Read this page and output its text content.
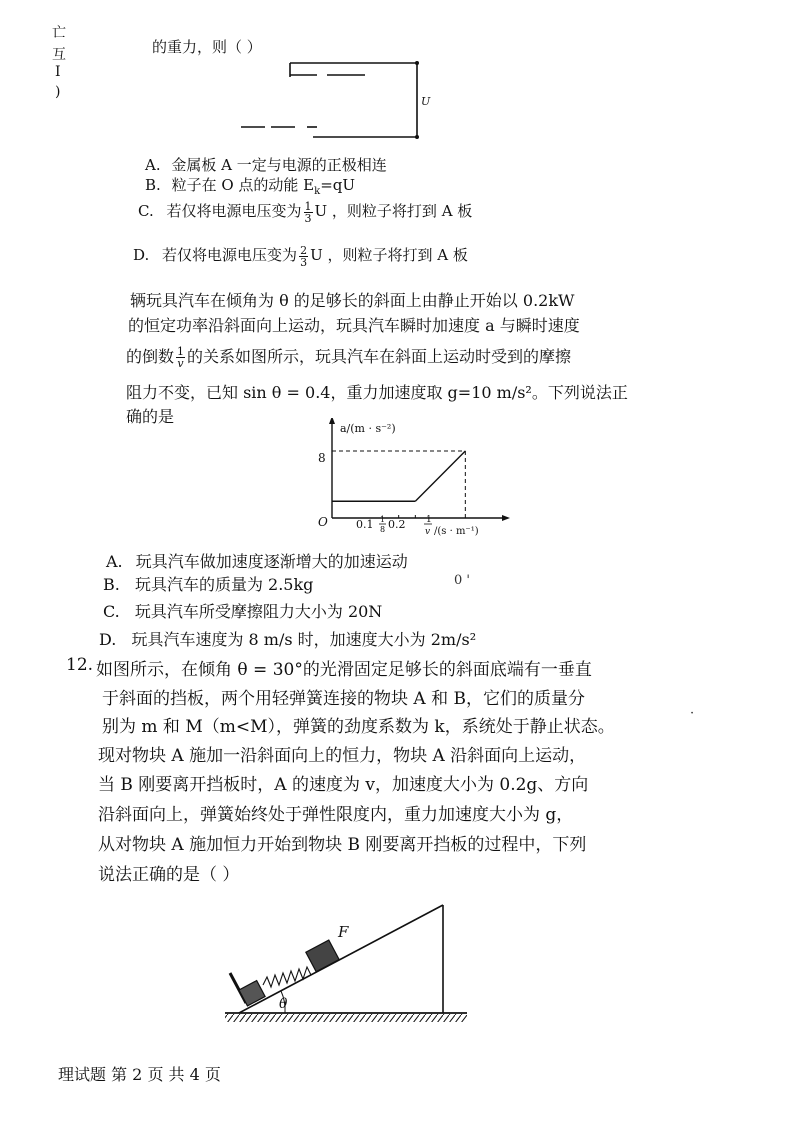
亡
互
I
)
的重力，则（ ）
U
A. 金属板 A 一定与电源的正极相连
B. 粒子在 O 点的动能 $E_k=qU$
C. 若仅将电源电压变为 $\frac{1}{3}$ U ，则粒子将打到 A 板
D. 若仅将电源电压变为 $\frac{2}{3}$ U ，则粒子将打到 A 板
辆玩具汽车在倾角为 θ 的足够长的斜面上由静止开始以 0.2kW
的恒定功率沿斜面向上运动，玩具汽车瞬时加速度 a 与瞬时速度
的倒数 $\frac{1}{v}$ 的关系如图所示，玩具汽车在斜面上运动时受到的摩擦
阻力不变，已知 sin θ = 0.4，重力加速度取 g=10 m/s²。下列说法正
确的是
a/(m · s⁻²)
8
O	0.1 1
8 0.2 1
v /(s · m⁻¹)
A. 玩具汽车做加速度逐渐增大的加速运动
B. 玩具汽车的质量为 2.5kg	0 '
C. 玩具汽车所受摩擦阻力大小为 20N
D. 玩具汽车速度为 8 m/s 时，加速度大小为 2m/s²
12. 如图所示，在倾角 θ = 30°的光滑固定足够长的斜面底端有一垂直
于斜面的挡板，两个用轻弹簧连接的物块 A 和 B，它们的质量分
别为 m 和 M（m<M），弹簧的劲度系数为 k，系统处于静止状态。
现对物块 A 施加一沿斜面向上的恒力，物块 A 沿斜面向上运动，
当 B 刚要离开挡板时，A 的速度为 v，加速度大小为 0.2g、方向
沿斜面向上，弹簧始终处于弹性限度内，重力加速度大小为 g，
从对物块 A 施加恒力开始到物块 B 刚要离开挡板的过程中，下列
说法正确的是（ ）
·
θ
F
理试题 第 2 页 共 4 页
